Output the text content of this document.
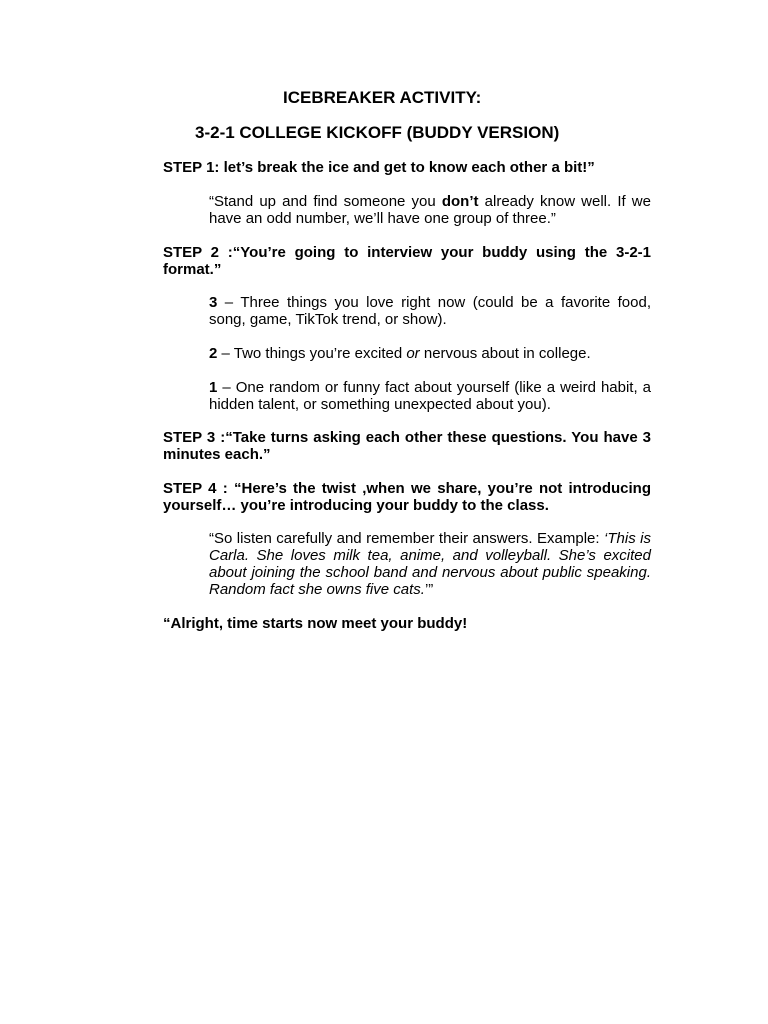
ICEBREAKER ACTIVITY:
3-2-1 COLLEGE KICKOFF (BUDDY VERSION)
STEP 1: let’s break the ice and get to know each other a bit!”
“Stand up and find someone you don’t already know well. If we have an odd number, we’ll have one group of three.”
STEP 2 :“You’re going to interview your buddy using the 3-2-1 format.”
3 – Three things you love right now (could be a favorite food, song, game, TikTok trend, or show).
2 – Two things you’re excited or nervous about in college.
1 – One random or funny fact about yourself (like a weird habit, a hidden talent, or something unexpected about you).
STEP 3 :“Take turns asking each other these questions. You have 3 minutes each.”
STEP 4 : “Here’s the twist ,when we share, you’re not introducing yourself… you’re introducing your buddy to the class.
“So listen carefully and remember their answers. Example: ‘This is Carla. She loves milk tea, anime, and volleyball. She’s excited about joining the school band and nervous about public speaking. Random fact she owns five cats.’”
“Alright, time starts now meet your buddy!
